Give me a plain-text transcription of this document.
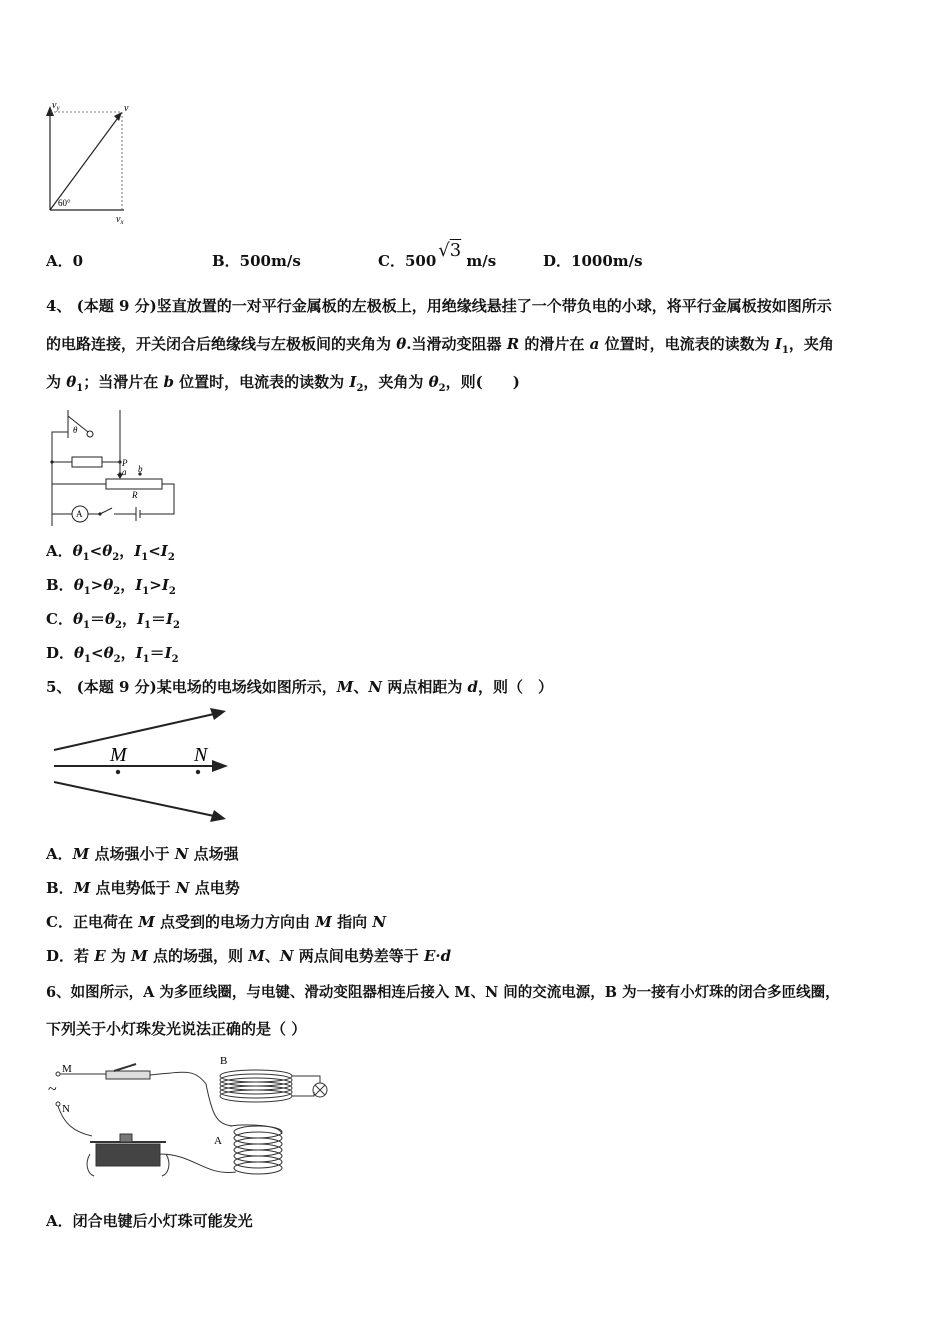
$v_y$	v
60°
$v_x$
A．0	B．500m/s	C．500 √3 m/s	D．1000m/s
4、 (本题 9 分)竖直放置的一对平行金属板的左极板上，用绝缘线悬挂了一个带负电的小球，将平行金属板按如图所示
的电路连接，开关闭合后绝缘线与左极板间的夹角为 θ.当滑动变阻器 R 的滑片在 a 位置时，电流表的读数为 $I_1$，夹角
为 $\theta_1$；当滑片在 b 位置时，电流表的读数为 $I_2$，夹角为 $\theta_2$，则(　　)
θ
P
a b
R
A
A．$\theta_1<\theta_2$，$I_1<I_2$
B．$\theta_1>\theta_2$，$I_1>I_2$
C．$\theta_1=\theta_2$，$I_1=I_2$
D．$\theta_1<\theta_2$，$I_1=I_2$
5、 (本题 9 分)某电场的电场线如图所示，M、N 两点相距为 d，则（　）
M	N
A．M 点场强小于 N 点场强
B．M 点电势低于 N 点电势
C．正电荷在 M 点受到的电场力方向由 M 指向 N
D．若 E 为 M 点的场强，则 M、N 两点间电势差等于 E·d
6、如图所示，A 为多匝线圈，与电键、滑动变阻器相连后接入 M、N 间的交流电源，B 为一接有小灯珠的闭合多匝线圈，
下列关于小灯珠发光说法正确的是（ ）
M
~
N
B
A
A．闭合电键后小灯珠可能发光
